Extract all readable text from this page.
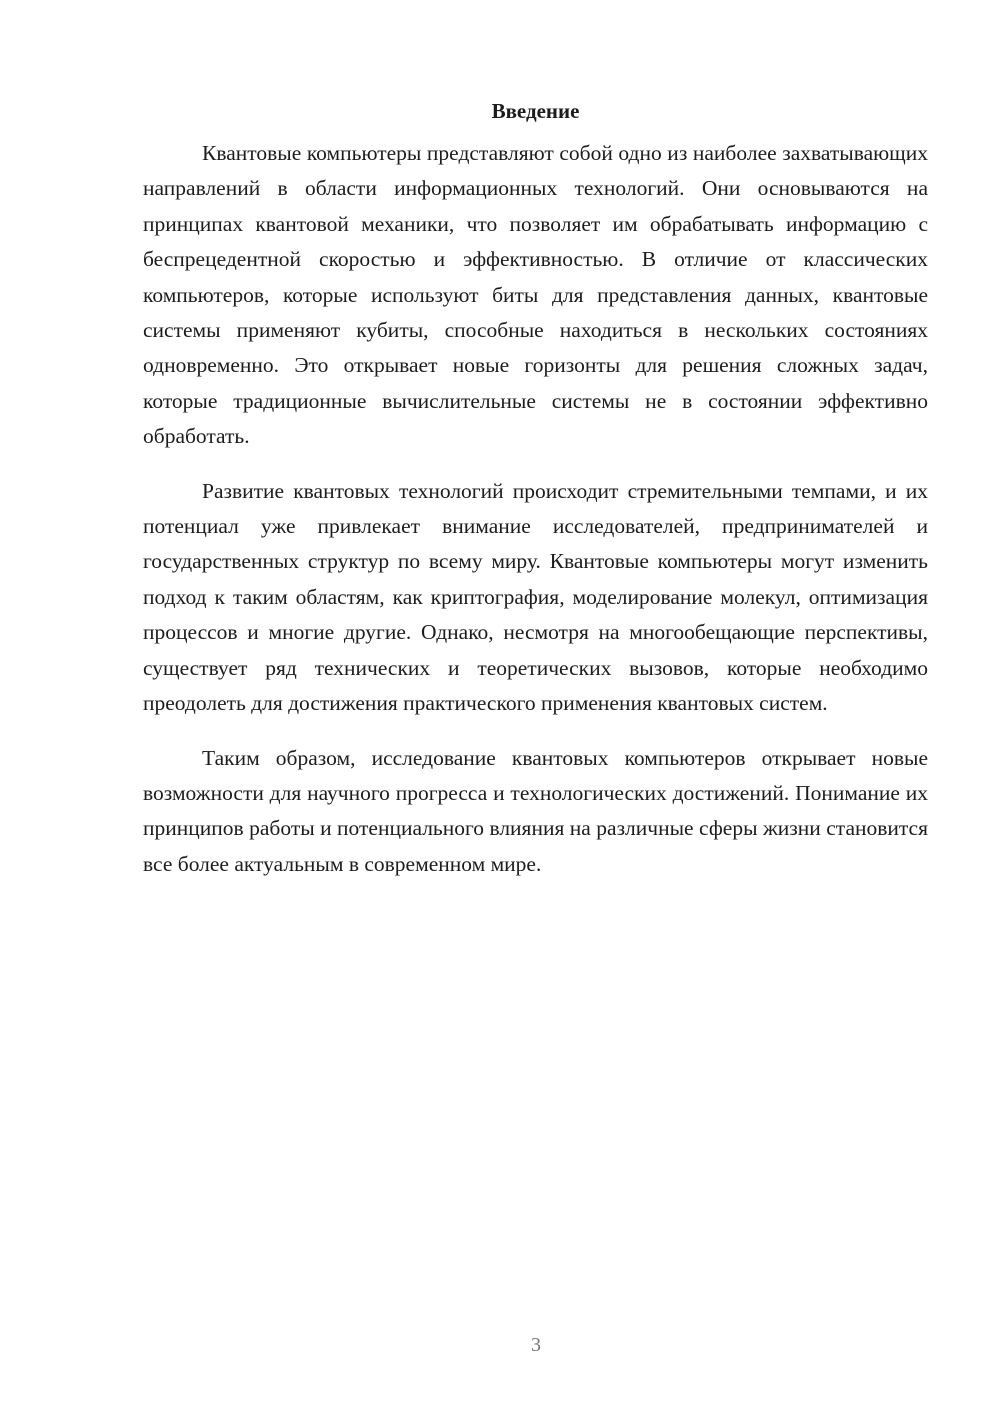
Введение

Квантовые компьютеры представляют собой одно из наиболее захватывающих направлений в области информационных технологий. Они основываются на принципах квантовой механики, что позволяет им обрабатывать информацию с беспрецедентной скоростью и эффективностью. В отличие от классических компьютеров, которые используют биты для представления данных, квантовые системы применяют кубиты, способные находиться в нескольких состояниях одновременно. Это открывает новые горизонты для решения сложных задач, которые традиционные вычислительные системы не в состоянии эффективно обработать.

Развитие квантовых технологий происходит стремительными темпами, и их потенциал уже привлекает внимание исследователей, предпринимателей и государственных структур по всему миру. Квантовые компьютеры могут изменить подход к таким областям, как криптография, моделирование молекул, оптимизация процессов и многие другие. Однако, несмотря на многообещающие перспективы, существует ряд технических и теоретических вызовов, которые необходимо преодолеть для достижения практического применения квантовых систем.

Таким образом, исследование квантовых компьютеров открывает новые возможности для научного прогресса и технологических достижений. Понимание их принципов работы и потенциального влияния на различные сферы жизни становится все более актуальным в современном мире.

3
